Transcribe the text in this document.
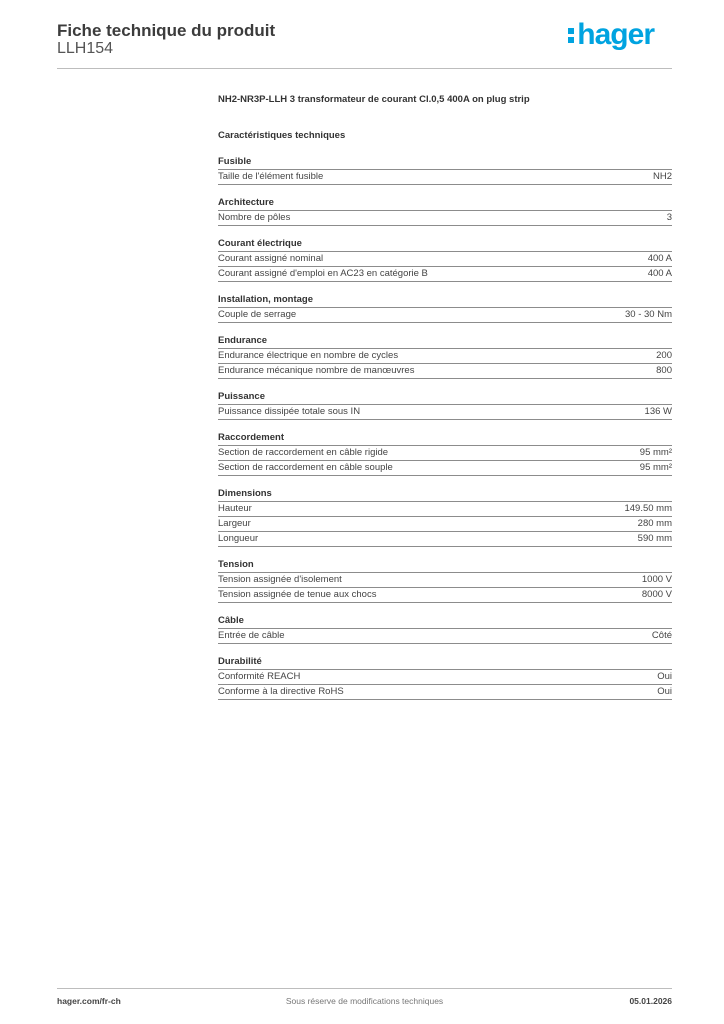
Fiche technique du produit
LLH154	hager
NH2-NR3P-LLH 3 transformateur de courant Cl.0,5 400A on plug strip
Caractéristiques techniques
Fusible
Taille de l'élément fusible	NH2
Architecture
Nombre de pôles	3
Courant électrique
Courant assigné nominal	400 A
Courant assigné d'emploi en AC23 en catégorie B	400 A
Installation, montage
Couple de serrage	30 - 30 Nm
Endurance
Endurance électrique en nombre de cycles	200
Endurance mécanique nombre de manœuvres	800
Puissance
Puissance dissipée totale sous IN	136 W
Raccordement
Section de raccordement en câble rigide	95 mm²
Section de raccordement en câble souple	95 mm²
Dimensions
Hauteur	149.50 mm
Largeur	280 mm
Longueur	590 mm
Tension
Tension assignée d'isolement	1000 V
Tension assignée de tenue aux chocs	8000 V
Câble
Entrée de câble	Côté
Durabilité
Conformité REACH	Oui
Conforme à la directive RoHS	Oui
hager.com/fr-ch	Sous réserve de modifications techniques	05.01.2026
